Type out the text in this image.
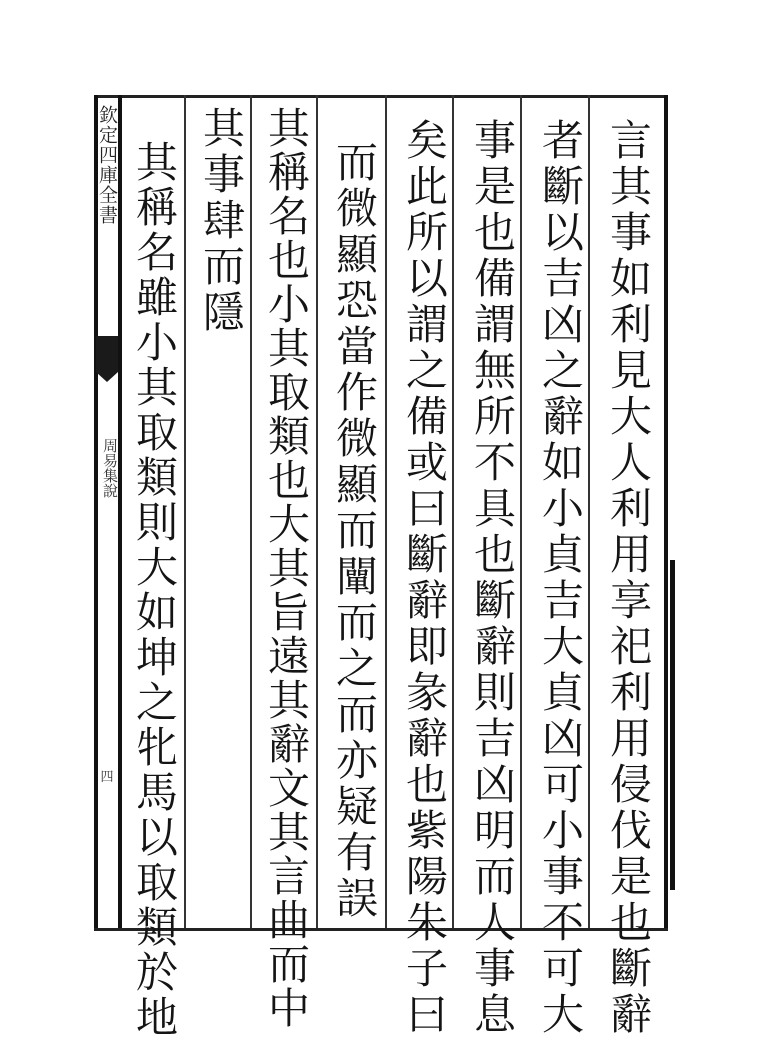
欽定四庫全書
周易集說
四	言其事如利見大人利用享祀利用侵伐是也斷辭
者斷以吉凶之辭如小貞吉大貞凶可小事不可大
事是也備謂無所不具也斷辭則吉凶明而人事息
矣此所以謂之備或曰斷辭即彖辭也紫陽朱子曰
而微顯恐當作微顯而闡而之而亦疑有誤
其稱名也小其取類也大其旨遠其辭文其言曲而中
其事肆而隱
其稱名雖小其取類則大如坤之牝馬以取類於地
